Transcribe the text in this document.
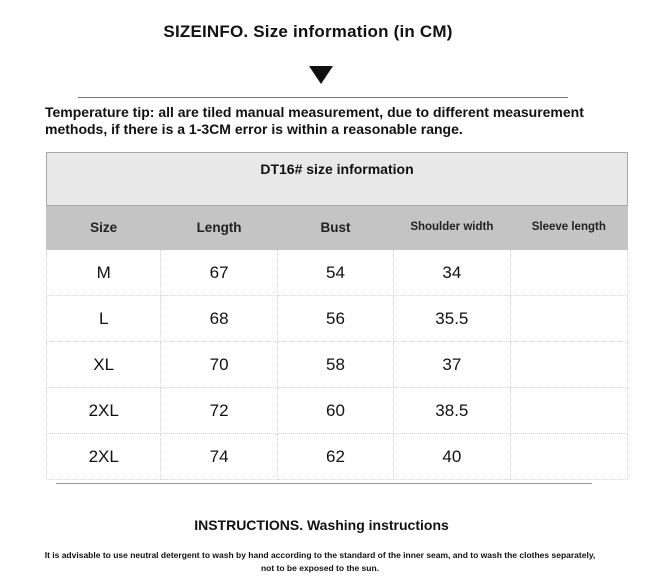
SIZEINFO. Size information (in CM)
Temperature tip: all are tiled manual measurement, due to different measurement methods, if there is a 1-3CM error is within a reasonable range.
DT16# size information				
Size	Length	Bust	Shoulder width	Sleeve length
M	67	54	34	
L	68	56	35.5	
XL	70	58	37	
2XL	72	60	38.5	
2XL	74	62	40	
INSTRUCTIONS. Washing instructions
It is advisable to use neutral detergent to wash by hand according to the standard of the inner seam, and to wash the clothes separately, not to be exposed to the sun.
